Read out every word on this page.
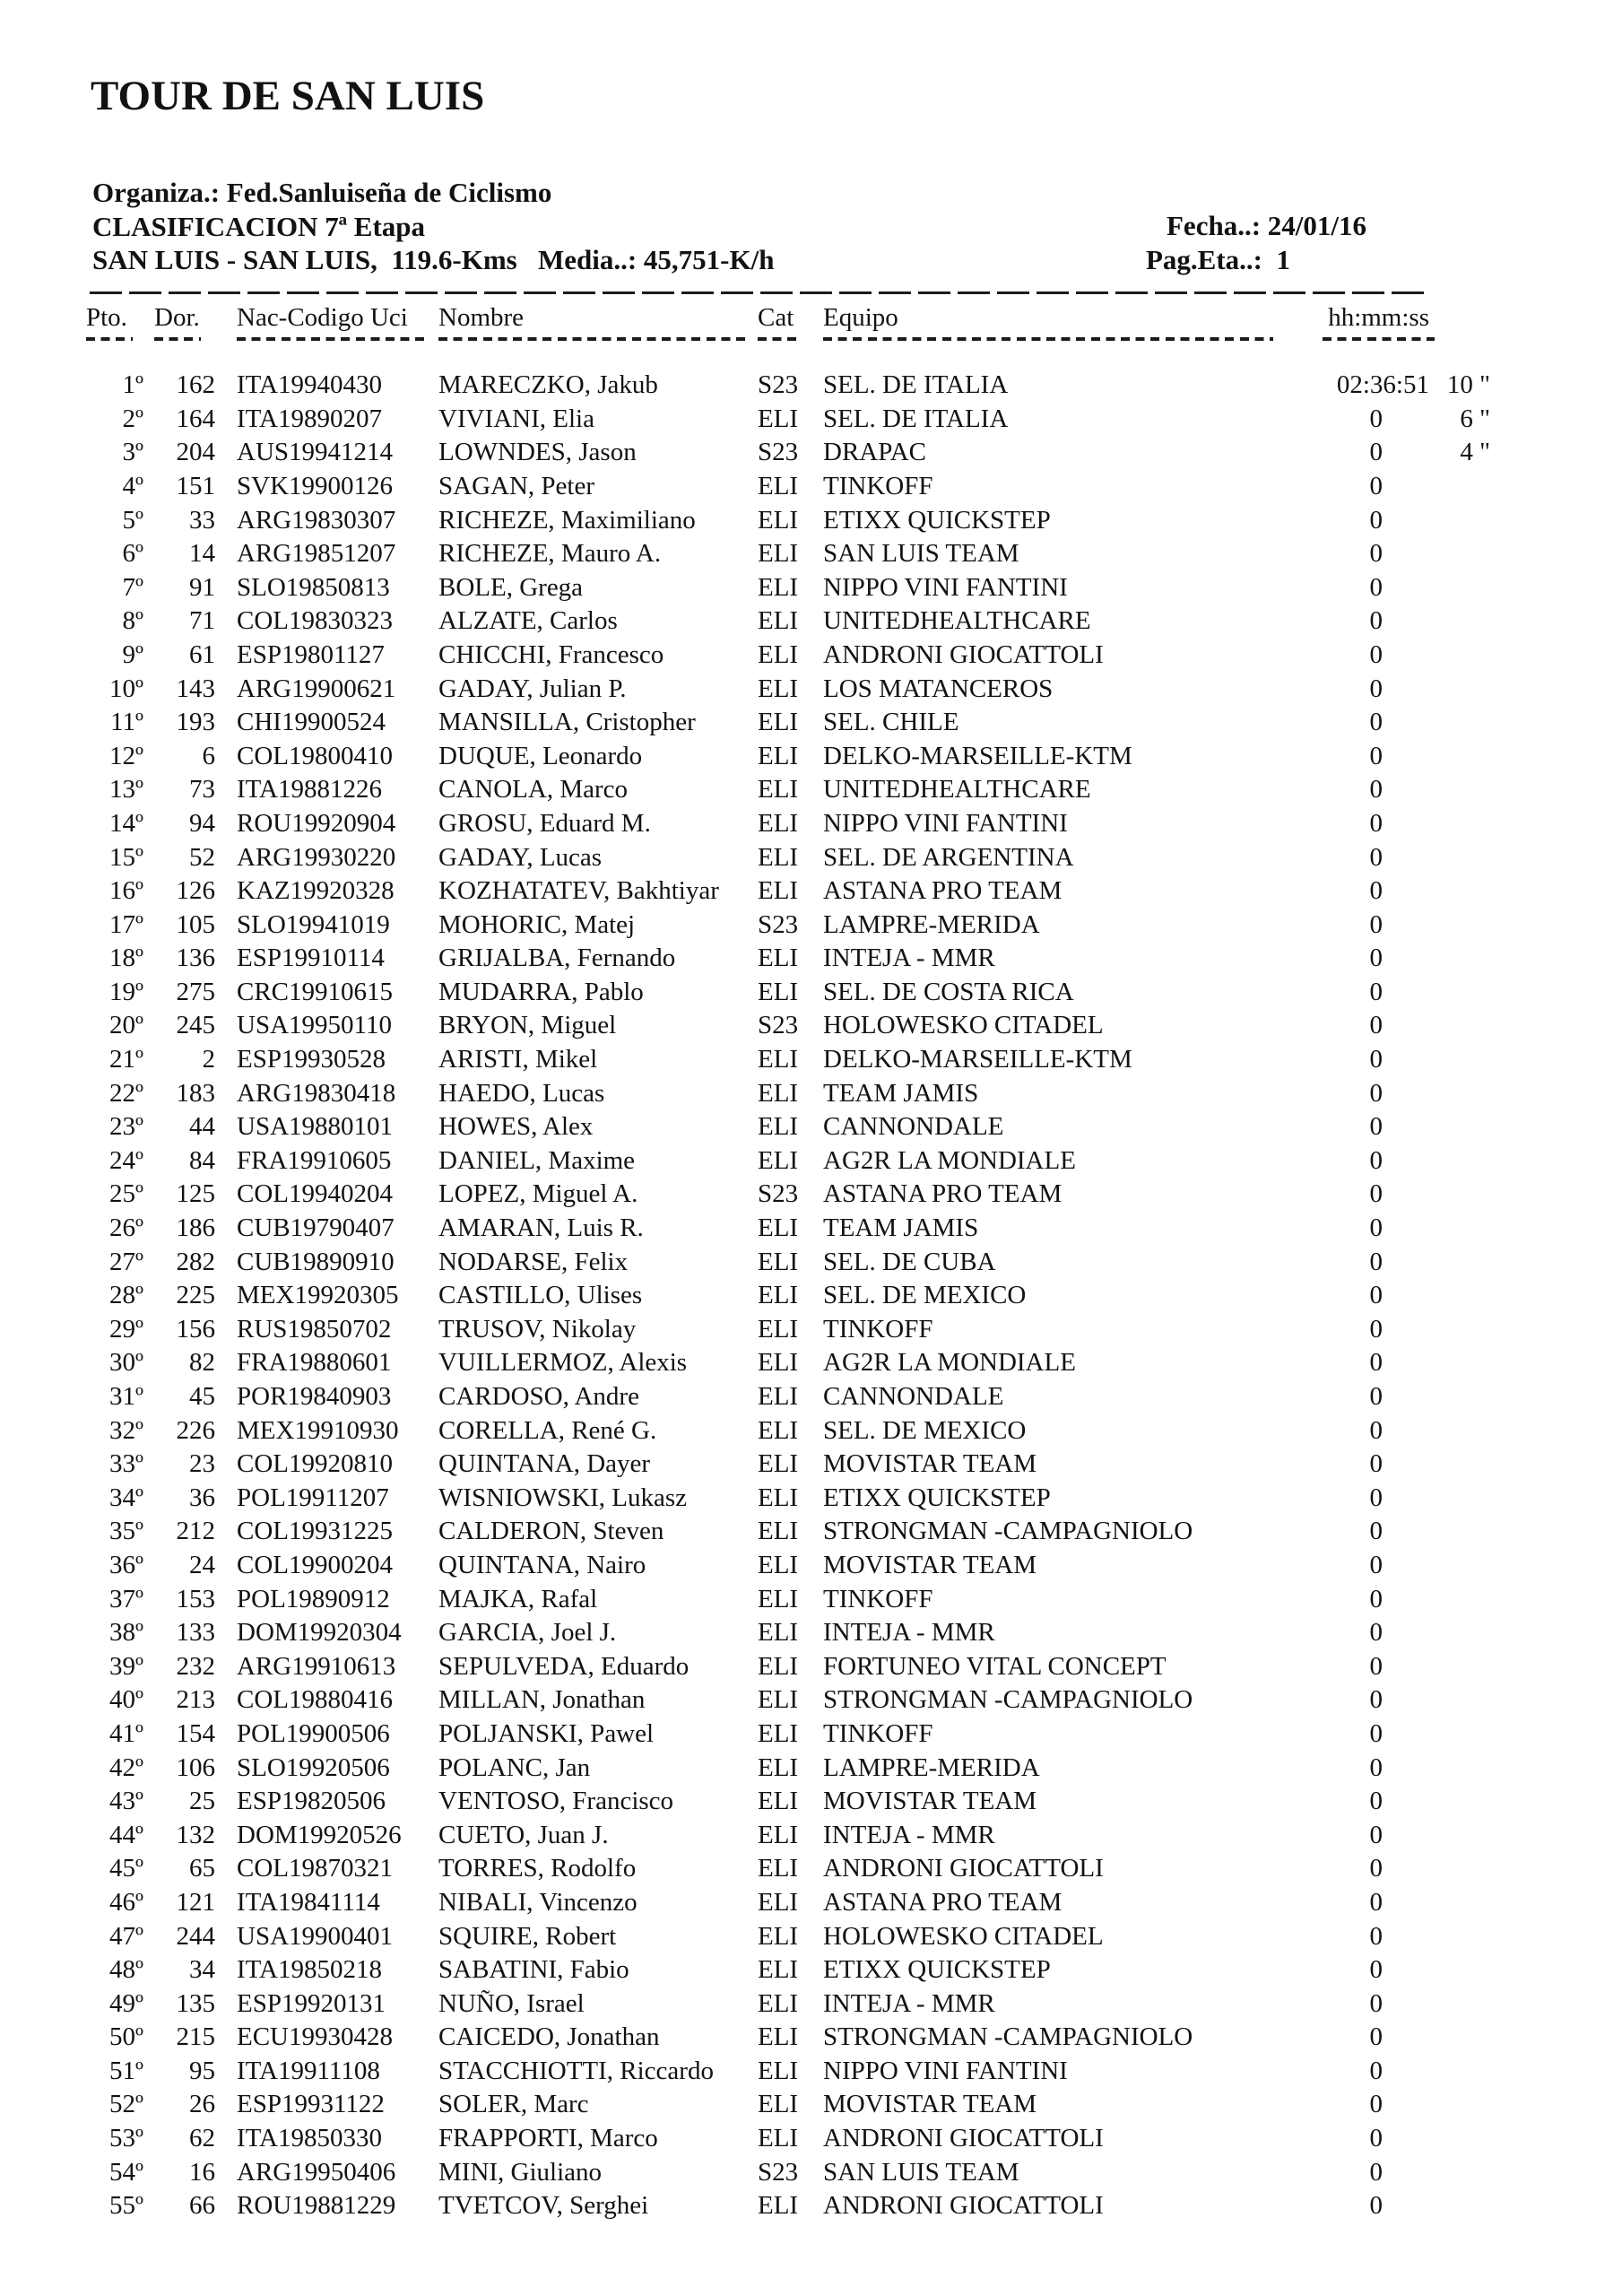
TOUR DE SAN LUIS
Organiza.: Fed.Sanluiseña de Ciclismo
CLASIFICACION 7ª Etapa
SAN LUIS - SAN LUIS,  119.6-Kms   Media..: 45,751-K/h
Fecha..: 24/01/16
Pag.Eta..:  1
Pto. Dor. Nac-Codigo Uci Nombre	Cat Equipo	hh:mm:ss
1º	162 ITA19940430	MARECZKO, Jakub	S23 SEL. DE ITALIA	02:36:51 10 "
2º	164 ITA19890207	VIVIANI, Elia	ELI SEL. DE ITALIA	0	6 "
3º	204 AUS19941214	LOWNDES, Jason	S23 DRAPAC	0	4 "
4º	151 SVK19900126	SAGAN, Peter	ELI TINKOFF	0
5º	33 ARG19830307	RICHEZE, Maximiliano	ELI ETIXX QUICKSTEP	0
6º	14 ARG19851207	RICHEZE, Mauro A.	ELI SAN LUIS TEAM	0
7º	91 SLO19850813	BOLE, Grega	ELI NIPPO VINI FANTINI	0
8º	71 COL19830323	ALZATE, Carlos	ELI UNITEDHEALTHCARE	0
9º	61 ESP19801127	CHICCHI, Francesco	ELI ANDRONI GIOCATTOLI	0
10º	143 ARG19900621	GADAY, Julian P.	ELI LOS MATANCEROS	0
11º	193 CHI19900524	MANSILLA, Cristopher	ELI SEL. CHILE	0
12º	6 COL19800410	DUQUE, Leonardo	ELI DELKO-MARSEILLE-KTM	0
13º	73 ITA19881226	CANOLA, Marco	ELI UNITEDHEALTHCARE	0
14º	94 ROU19920904	GROSU, Eduard M.	ELI NIPPO VINI FANTINI	0
15º	52 ARG19930220	GADAY, Lucas	ELI SEL. DE ARGENTINA	0
16º	126 KAZ19920328	KOZHATATEV, Bakhtiyar	ELI ASTANA PRO TEAM	0
17º	105 SLO19941019	MOHORIC, Matej	S23 LAMPRE-MERIDA	0
18º	136 ESP19910114	GRIJALBA, Fernando	ELI INTEJA - MMR	0
19º	275 CRC19910615	MUDARRA, Pablo	ELI SEL. DE COSTA RICA	0
20º	245 USA19950110	BRYON, Miguel	S23 HOLOWESKO CITADEL	0
21º	2 ESP19930528	ARISTI, Mikel	ELI DELKO-MARSEILLE-KTM	0
22º	183 ARG19830418	HAEDO, Lucas	ELI TEAM JAMIS	0
23º	44 USA19880101	HOWES, Alex	ELI CANNONDALE	0
24º	84 FRA19910605	DANIEL, Maxime	ELI AG2R LA MONDIALE	0
25º	125 COL19940204	LOPEZ, Miguel A.	S23 ASTANA PRO TEAM	0
26º	186 CUB19790407	AMARAN, Luis R.	ELI TEAM JAMIS	0
27º	282 CUB19890910	NODARSE, Felix	ELI SEL. DE CUBA	0
28º	225 MEX19920305	CASTILLO, Ulises	ELI SEL. DE MEXICO	0
29º	156 RUS19850702	TRUSOV, Nikolay	ELI TINKOFF	0
30º	82 FRA19880601	VUILLERMOZ, Alexis	ELI AG2R LA MONDIALE	0
31º	45 POR19840903	CARDOSO, Andre	ELI CANNONDALE	0
32º	226 MEX19910930	CORELLA, René G.	ELI SEL. DE MEXICO	0
33º	23 COL19920810	QUINTANA, Dayer	ELI MOVISTAR TEAM	0
34º	36 POL19911207	WISNIOWSKI, Lukasz	ELI ETIXX QUICKSTEP	0
35º	212 COL19931225	CALDERON, Steven	ELI STRONGMAN -CAMPAGNIOLO	0
36º	24 COL19900204	QUINTANA, Nairo	ELI MOVISTAR TEAM	0
37º	153 POL19890912	MAJKA, Rafal	ELI TINKOFF	0
38º	133 DOM19920304	GARCIA, Joel J.	ELI INTEJA - MMR	0
39º	232 ARG19910613	SEPULVEDA, Eduardo	ELI FORTUNEO VITAL CONCEPT	0
40º	213 COL19880416	MILLAN, Jonathan	ELI STRONGMAN -CAMPAGNIOLO	0
41º	154 POL19900506	POLJANSKI, Pawel	ELI TINKOFF	0
42º	106 SLO19920506	POLANC, Jan	ELI LAMPRE-MERIDA	0
43º	25 ESP19820506	VENTOSO, Francisco	ELI MOVISTAR TEAM	0
44º	132 DOM19920526	CUETO, Juan J.	ELI INTEJA - MMR	0
45º	65 COL19870321	TORRES, Rodolfo	ELI ANDRONI GIOCATTOLI	0
46º	121 ITA19841114	NIBALI, Vincenzo	ELI ASTANA PRO TEAM	0
47º	244 USA19900401	SQUIRE, Robert	ELI HOLOWESKO CITADEL	0
48º	34 ITA19850218	SABATINI, Fabio	ELI ETIXX QUICKSTEP	0
49º	135 ESP19920131	NUÑO, Israel	ELI INTEJA - MMR	0
50º	215 ECU19930428	CAICEDO, Jonathan	ELI STRONGMAN -CAMPAGNIOLO	0
51º	95 ITA19911108	STACCHIOTTI, Riccardo	ELI NIPPO VINI FANTINI	0
52º	26 ESP19931122	SOLER, Marc	ELI MOVISTAR TEAM	0
53º	62 ITA19850330	FRAPPORTI, Marco	ELI ANDRONI GIOCATTOLI	0
54º	16 ARG19950406	MINI, Giuliano	S23 SAN LUIS TEAM	0
55º	66 ROU19881229	TVETCOV, Serghei	ELI ANDRONI GIOCATTOLI	0
